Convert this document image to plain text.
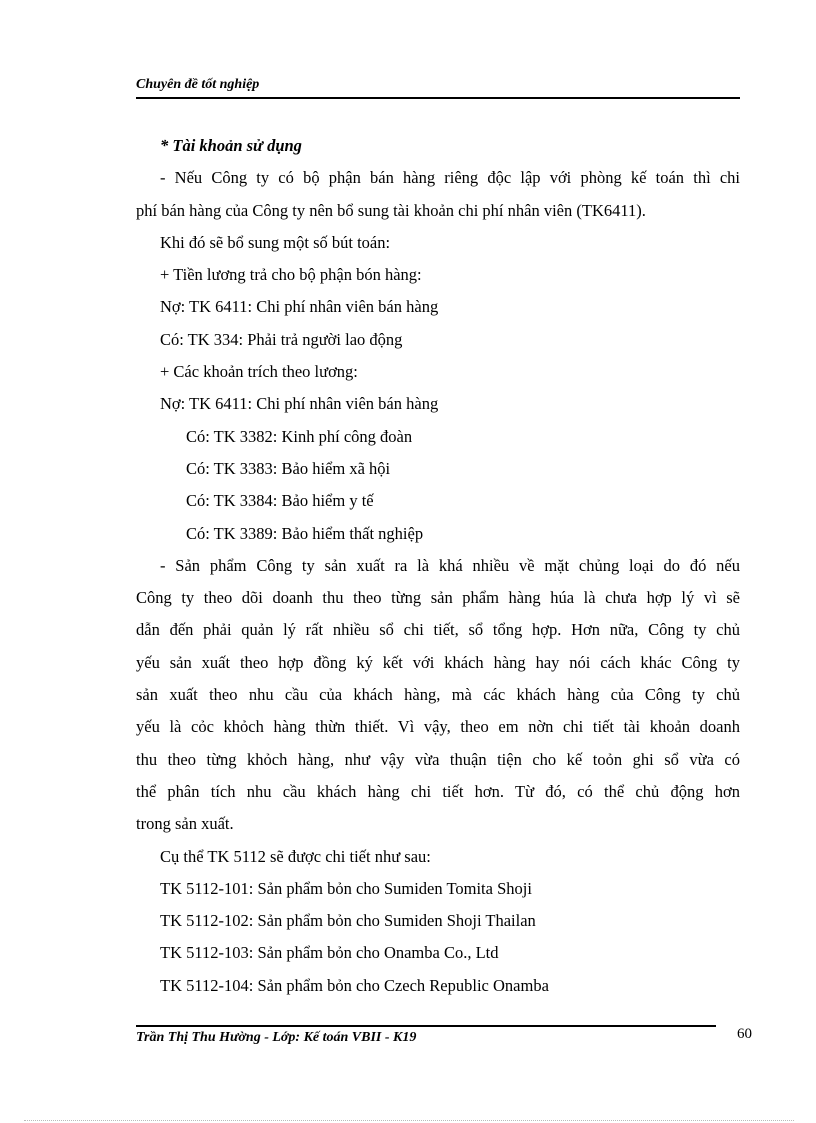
Chuyên đề tốt nghiệp
* Tài khoản sử dụng
- Nếu Công ty có bộ phận bán hàng riêng độc lập với phòng kế toán thì chi
phí bán hàng của Công ty nên bổ sung tài khoản chi phí nhân viên (TK6411).
Khi đó sẽ bổ sung một số bút toán:
+ Tiền lương trả cho bộ phận bón hàng:
Nợ: TK 6411: Chi phí nhân viên bán hàng
Có: TK 334: Phải trả người lao động
+ Các khoản trích theo lương:
Nợ: TK 6411: Chi phí nhân viên bán hàng
Có: TK 3382: Kinh phí công đoàn
Có: TK 3383: Bảo hiểm xã hội
Có: TK 3384: Bảo hiểm y tế
Có: TK 3389: Bảo hiểm thất nghiệp
- Sản phẩm Công ty sản xuất ra là khá nhiều về mặt chủng loại do đó nếu
Công ty theo dõi doanh thu theo từng sản phẩm hàng húa là chưa hợp lý vì sẽ
dẫn đến phải quản lý rất nhiều sổ chi tiết, sổ tổng hợp. Hơn nữa, Công ty chủ
yếu sản xuất theo hợp đồng ký kết với khách hàng hay nói cách khác Công ty
sản xuất theo nhu cầu của khách hàng, mà các khách hàng của Công ty chủ
yếu là cỏc khỏch hàng thừn thiết. Vì vậy, theo em nờn chi tiết tài khoản doanh
thu theo từng khỏch hàng, như vậy vừa thuận tiện cho kế toỏn ghi sổ vừa có
thể phân tích nhu cầu khách hàng chi tiết hơn. Từ đó, có thể chủ động hơn
trong sản xuất.
Cụ thể TK 5112 sẽ được chi tiết như sau:
TK 5112-101: Sản phẩm bỏn cho Sumiden Tomita Shoji
TK 5112-102: Sản phẩm bỏn cho Sumiden Shoji Thailan
TK 5112-103: Sản phẩm bỏn cho Onamba Co., Ltd
TK 5112-104: Sản phẩm bỏn cho Czech Republic Onamba
Trần Thị Thu Hường - Lớp: Kế toán VBII - K19	60
